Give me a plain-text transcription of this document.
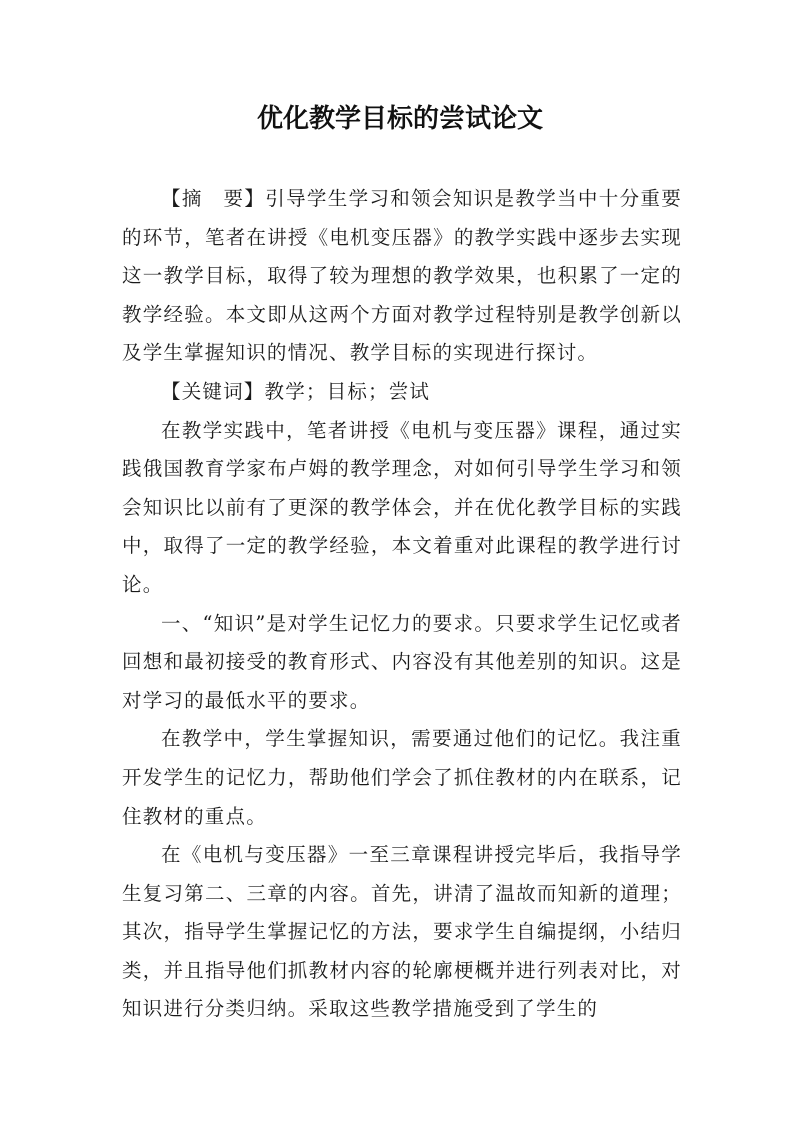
优化教学目标的尝试论文

【摘　要】引导学生学习和领会知识是教学当中十分重要的环节，笔者在讲授《电机变压器》的教学实践中逐步去实现这一教学目标，取得了较为理想的教学效果，也积累了一定的教学经验。本文即从这两个方面对教学过程特别是教学创新以及学生掌握知识的情况、教学目标的实现进行探讨。

【关键词】教学；目标；尝试

在教学实践中，笔者讲授《电机与变压器》课程，通过实践俄国教育学家布卢姆的教学理念，对如何引导学生学习和领会知识比以前有了更深的教学体会，并在优化教学目标的实践中，取得了一定的教学经验，本文着重对此课程的教学进行讨论。

一、“知识”是对学生记忆力的要求。只要求学生记忆或者回想和最初接受的教育形式、内容没有其他差别的知识。这是对学习的最低水平的要求。

在教学中，学生掌握知识，需要通过他们的记忆。我注重开发学生的记忆力，帮助他们学会了抓住教材的内在联系，记住教材的重点。

在《电机与变压器》一至三章课程讲授完毕后，我指导学生复习第二、三章的内容。首先，讲清了温故而知新的道理；其次，指导学生掌握记忆的方法，要求学生自编提纲，小结归类，并且指导他们抓教材内容的轮廓梗概并进行列表对比，对知识进行分类归纳。采取这些教学措施受到了学生的
